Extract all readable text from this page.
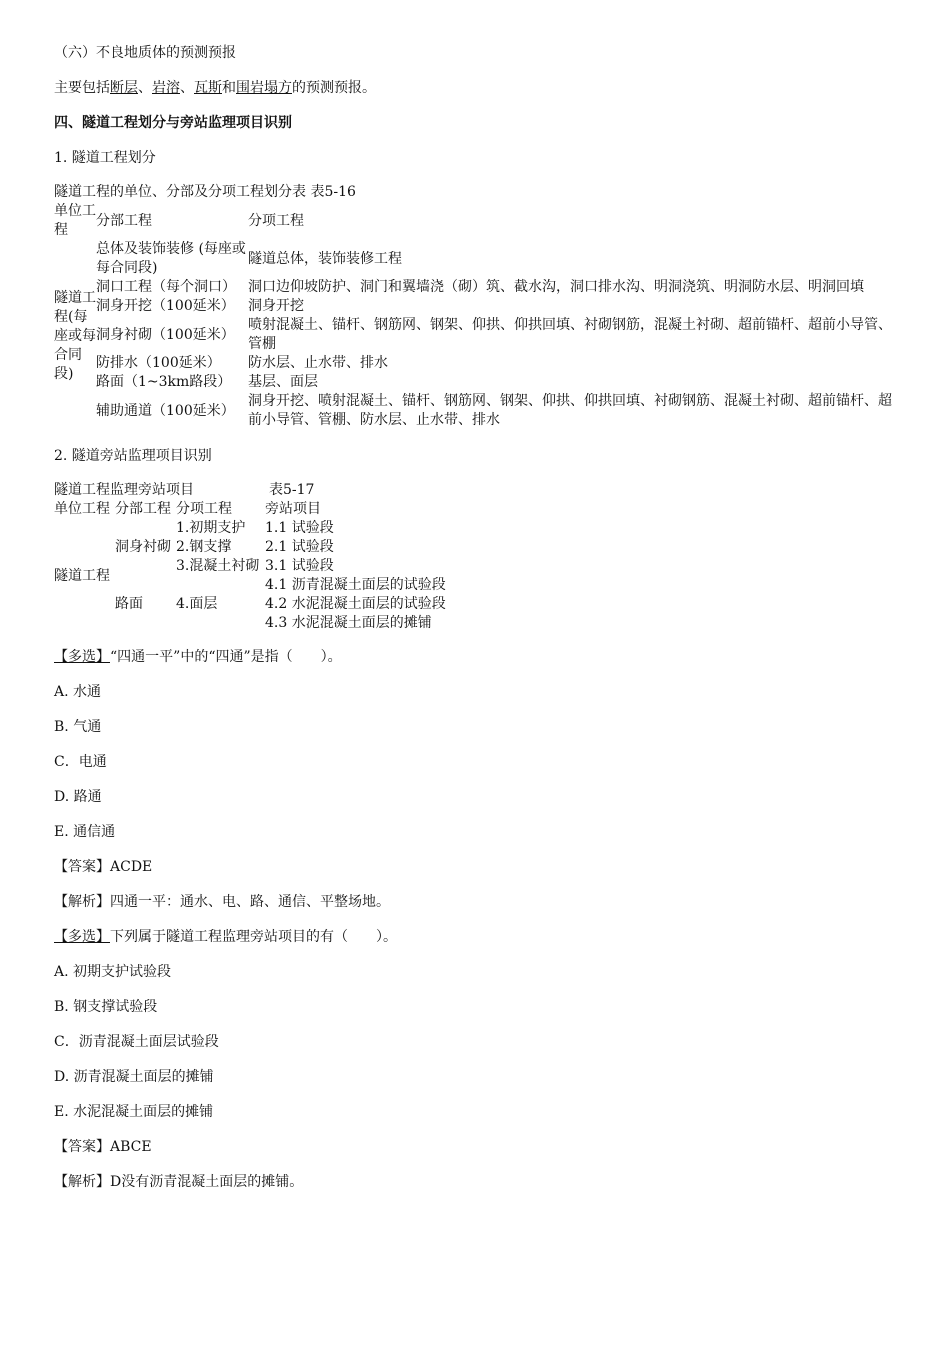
（六）不良地质体的预测预报

主要包括断层、岩溶、瓦斯和围岩塌方的预测预报。

四、隧道工程划分与旁站监理项目识别

1. 隧道工程划分

隧道工程的单位、分部及分项工程划分表 表5-16

单位工程	分部工程	分项工程
隧道工程(每座或每合同段)	总体及装饰装修 (每座或每合同段)	隧道总体，装饰装修工程
	洞口工程（每个洞口）	洞口边仰坡防护、洞门和翼墙浇（砌）筑、截水沟，洞口排水沟、明洞浇筑、明洞防水层、明洞回填
	洞身开挖（100延米）	洞身开挖
	洞身衬砌（100延米）	喷射混凝土、锚杆、钢筋网、钢架、仰拱、仰拱回填、衬砌钢筋，混凝土衬砌、超前锚杆、超前小导管、管棚
	防排水（100延米）	防水层、止水带、排水
	路面（1~3km路段）	基层、面层
	辅助通道（100延米）	洞身开挖、喷射混凝土、锚杆、钢筋网、钢架、仰拱、仰拱回填、衬砌钢筋、混凝土衬砌、超前锚杆、超前小导管、管棚、防水层、止水带、排水

2. 隧道旁站监理项目识别

隧道工程监理旁站项目	表5-17

单位工程	分部工程	分项工程	旁站项目
隧道工程	洞身衬砌	1.初期支护	1.1 试验段
		2.钢支撑	2.1 试验段
		3.混凝土衬砌	3.1 试验段
	路面		4.1 沥青混凝土面层的试验段
		4.面层	4.2 水泥混凝土面层的试验段
			4.3 水泥混凝土面层的摊铺

【多选】“四通一平”中的“四通”是指（　　）。

A. 水通

B. 气通

C．电通

D. 路通

E. 通信通

【答案】ACDE

【解析】四通一平：通水、电、路、通信、平整场地。

【多选】下列属于隧道工程监理旁站项目的有（　　）。

A. 初期支护试验段

B. 钢支撑试验段

C．沥青混凝土面层试验段

D. 沥青混凝土面层的摊铺

E. 水泥混凝土面层的摊铺

【答案】ABCE

【解析】D没有沥青混凝土面层的摊铺。
